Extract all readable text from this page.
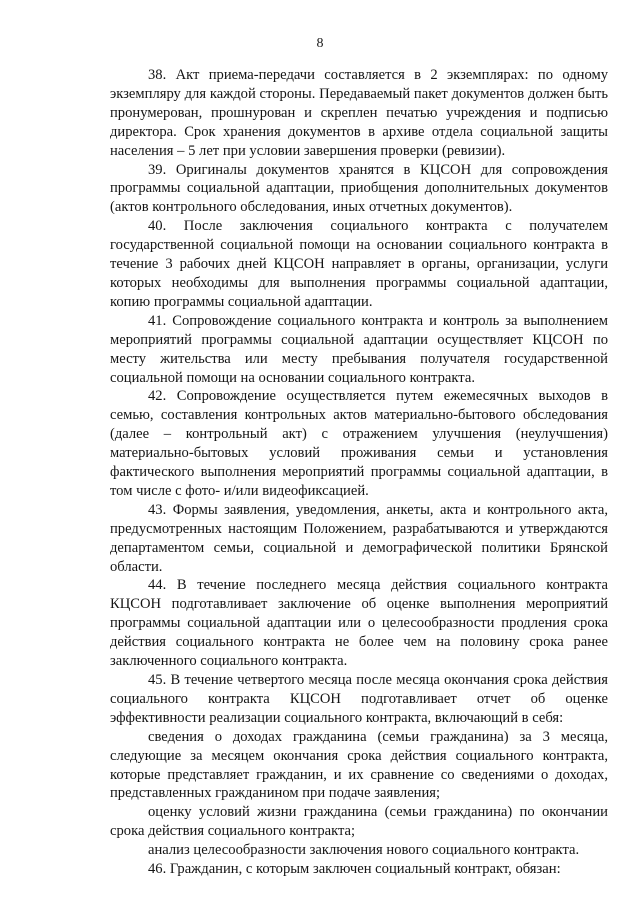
8

38. Акт приема-передачи составляется в 2 экземплярах: по одному экземпляру для каждой стороны. Передаваемый пакет документов должен быть пронумерован, прошнурован и скреплен печатью учреждения и подписью директора. Срок хранения документов в архиве отдела социальной защиты населения – 5 лет при условии завершения проверки (ревизии).

39. Оригиналы документов хранятся в КЦСОН для сопровождения программы социальной адаптации, приобщения дополнительных документов (актов контрольного обследования, иных отчетных документов).

40. После заключения социального контракта с получателем государственной социальной помощи на основании социального контракта в течение 3 рабочих дней КЦСОН направляет в органы, организации, услуги которых необходимы для выполнения программы социальной адаптации, копию программы социальной адаптации.

41. Сопровождение социального контракта и контроль за выполнением мероприятий программы социальной адаптации осуществляет КЦСОН по месту жительства или месту пребывания получателя государственной социальной помощи на основании социального контракта.

42. Сопровождение осуществляется путем ежемесячных выходов в семью, составления контрольных актов материально-бытового обследования (далее – контрольный акт) с отражением улучшения (неулучшения) материально-бытовых условий проживания семьи и установления фактического выполнения мероприятий программы социальной адаптации, в том числе с фото- и/или видеофиксацией.

43. Формы заявления, уведомления, анкеты, акта и контрольного акта, предусмотренных настоящим Положением, разрабатываются и утверждаются департаментом семьи, социальной и демографической политики Брянской области.

44. В течение последнего месяца действия социального контракта КЦСОН подготавливает заключение об оценке выполнения мероприятий программы социальной адаптации или о целесообразности продления срока действия социального контракта не более чем на половину срока ранее заключенного социального контракта.

45. В течение четвертого месяца после месяца окончания срока действия социального контракта КЦСОН подготавливает отчет об оценке эффективности реализации социального контракта, включающий в себя:

сведения о доходах гражданина (семьи гражданина) за 3 месяца, следующие за месяцем окончания срока действия социального контракта, которые представляет гражданин, и их сравнение со сведениями о доходах, представленных гражданином при подаче заявления;

оценку условий жизни гражданина (семьи гражданина) по окончании срока действия социального контракта;

анализ целесообразности заключения нового социального контракта.

46. Гражданин, с которым заключен социальный контракт, обязан:
